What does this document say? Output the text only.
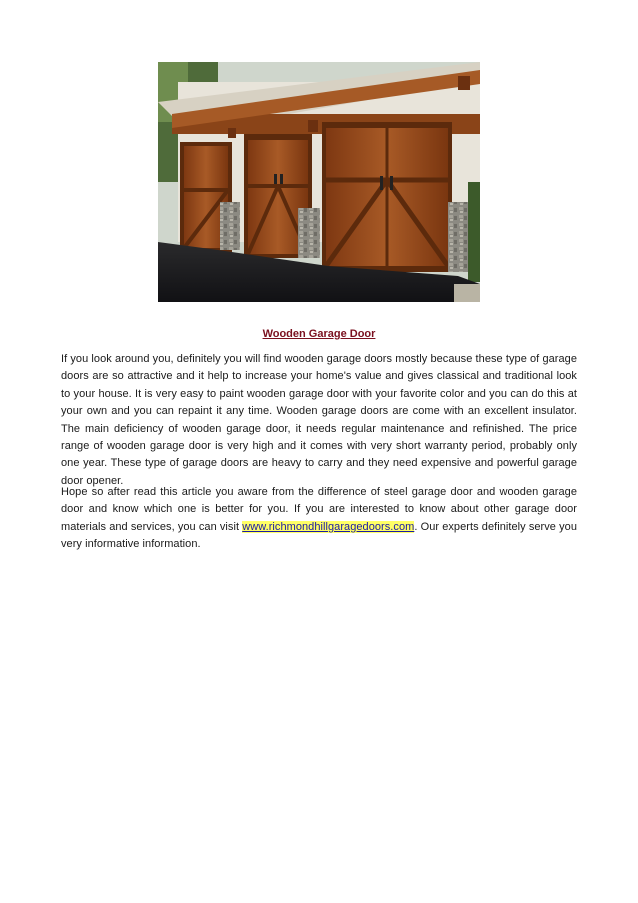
Wooden Garage Door

If you look around you, definitely you will find wooden garage doors mostly because these type of garage doors are so attractive and it help to increase your home's value and gives classical and traditional look to your house. It is very easy to paint wooden garage door with your favorite color and you can do this at your own and you can repaint it any time. Wooden garage doors are come with an excellent insulator. The main deficiency of wooden garage door, it needs regular maintenance and refinished. The price range of wooden garage door is very high and it comes with very short warranty period, probably only one year. These type of garage doors are heavy to carry and they need expensive and powerful garage door opener.

Hope so after read this article you aware from the difference of steel garage door and wooden garage door and know which one is better for you. If you are interested to know about other garage door materials and services, you can visit www.richmondhillgaragedoors.com. Our experts definitely serve you very informative information.
